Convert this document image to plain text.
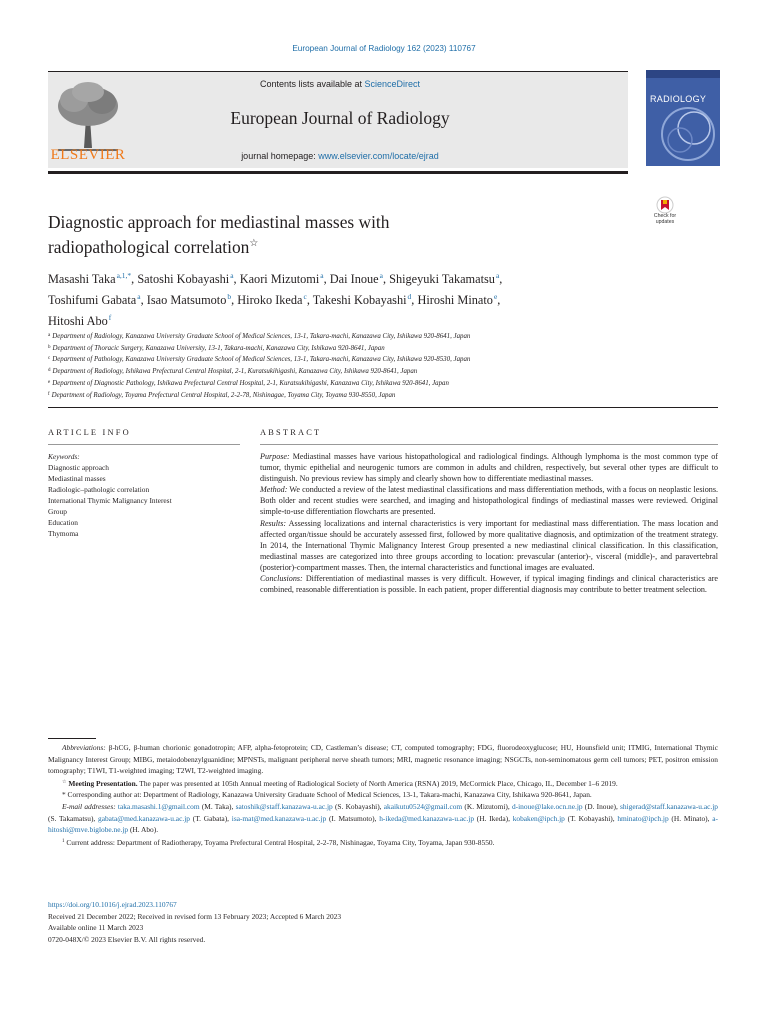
European Journal of Radiology 162 (2023) 110767
ELSEVIER
Contents lists available at ScienceDirect
European Journal of Radiology
journal homepage: www.elsevier.com/locate/ejrad
RADIOLOGY
Check for updates
Diagnostic approach for mediastinal masses with
radiopathological correlation☆
Masashi Taka$^{a,1,*}$, Satoshi Kobayashi$^a$, Kaori Mizutomi$^a$, Dai Inoue$^a$, Shigeyuki Takamatsu$^a$,
Toshifumi Gabata$^a$, Isao Matsumoto$^b$, Hiroko Ikeda$^c$, Takeshi Kobayashi$^d$, Hiroshi Minato$^e$,
Hitoshi Abo$^f$
$^a$ Department of Radiology, Kanazawa University Graduate School of Medical Sciences, 13-1, Takara-machi, Kanazawa City, Ishikawa 920-8641, Japan
$^b$ Department of Thoracic Surgery, Kanazawa University, 13-1, Takara-machi, Kanazawa City, Ishikawa 920-8641, Japan
$^c$ Department of Pathology, Kanazawa University Graduate School of Medical Sciences, 13-1, Takara-machi, Kanazawa City, Ishikawa 920-8530, Japan
$^d$ Department of Radiology, Ishikawa Prefectural Central Hospital, 2-1, Kuratsukihigashi, Kanazawa City, Ishikawa 920-8641, Japan
$^e$ Department of Diagnostic Pathology, Ishikawa Prefectural Central Hospital, 2-1, Kuratsukihigashi, Kanazawa City, Ishikawa 920-8641, Japan
$^f$ Department of Radiology, Toyama Prefectural Central Hospital, 2-2-78, Nishinagae, Toyama City, Toyama 930-8550, Japan
ARTICLE INFO
Keywords:
Diagnostic approach
Mediastinal masses
Radiologic–pathologic correlation
International Thymic Malignancy Interest
Group
Education
Thymoma
ABSTRACT

Purpose: Mediastinal masses have various histopathological and radiological findings. Although lymphoma is the most common type of tumor, thymic epithelial and neurogenic tumors are common in adults and children, respectively, but several other types are difficult to distinguish. No previous review has simply and clearly shown how to differentiate mediastinal masses.

Method: We conducted a review of the latest mediastinal classifications and mass differentiation methods, with a focus on neoplastic lesions. Both older and recent studies were searched, and imaging and histopathological findings of mediastinal masses were reviewed. Original simple-to-use differentiation flowcharts are presented.

Results: Assessing localizations and internal characteristics is very important for mediastinal mass differentiation. The mass location and affected organ/tissue should be accurately assessed first, followed by more qualitative diagnosis, and optimization of the treatment strategy. In 2014, the International Thymic Malignancy Interest Group presented a new mediastinal clinical classification. In this classification, mediastinal masses are categorized into three groups according to location: prevascular (anterior)-, visceral (middle)-, and paravertebral (posterior)-compartment masses. Then, the internal characteristics and functional images are evaluated.

Conclusions: Differentiation of mediastinal masses is very difficult. However, if typical imaging findings and clinical characteristics are combined, reasonable differentiation is possible. In each patient, proper differential diagnosis may contribute to better treatment selection.

Abbreviations: β-hCG, β-human chorionic gonadotropin; AFP, alpha-fetoprotein; CD, Castleman’s disease; CT, computed tomography; FDG, fluorodeoxyglucose; HU, Hounsfield unit; ITMIG, International Thymic Malignancy Interest Group; MIBG, metaiodobenzylguanidine; MPNSTs, malignant peripheral nerve sheath tumors; MRI, magnetic resonance imaging; NSGCTs, non-seminomatous germ cell tumors; PET, positron emission tomography; T1WI, T1-weighted imaging; T2WI, T2-weighted imaging.

☆ Meeting Presentation. The paper was presented at 105th Annual meeting of Radiological Society of North America (RSNA) 2019, McCormick Place, Chicago, IL, December 1–6 2019.

* Corresponding author at: Department of Radiology, Kanazawa University Graduate School of Medical Sciences, 13-1, Takara-machi, Kanazawa City, Ishikawa 920-8641, Japan.

E-mail addresses: taka.masashi.1@gmail.com (M. Taka), satoshik@staff.kanazawa-u.ac.jp (S. Kobayashi), akaikutu0524@gmail.com (K. Mizutomi), d-inoue@lake.ocn.ne.jp (D. Inoue), shigerad@staff.kanazawa-u.ac.jp (S. Takamatsu), gabata@med.kanazawa-u.ac.jp (T. Gabata), isa-mat@med.kanazawa-u.ac.jp (I. Matsumoto), h-ikeda@med.kanazawa-u.ac.jp (H. Ikeda), kobaken@ipch.jp (T. Kobayashi), hminato@ipch.jp (H. Minato), a-hitoshi@mve.biglobe.ne.jp (H. Abo).

$^1$ Current address: Department of Radiotherapy, Toyama Prefectural Central Hospital, 2-2-78, Nishinagae, Toyama City, Toyama, Japan 930-8550.

https://doi.org/10.1016/j.ejrad.2023.110767
Received 21 December 2022; Received in revised form 13 February 2023; Accepted 6 March 2023
Available online 11 March 2023
0720-048X/© 2023 Elsevier B.V. All rights reserved.
